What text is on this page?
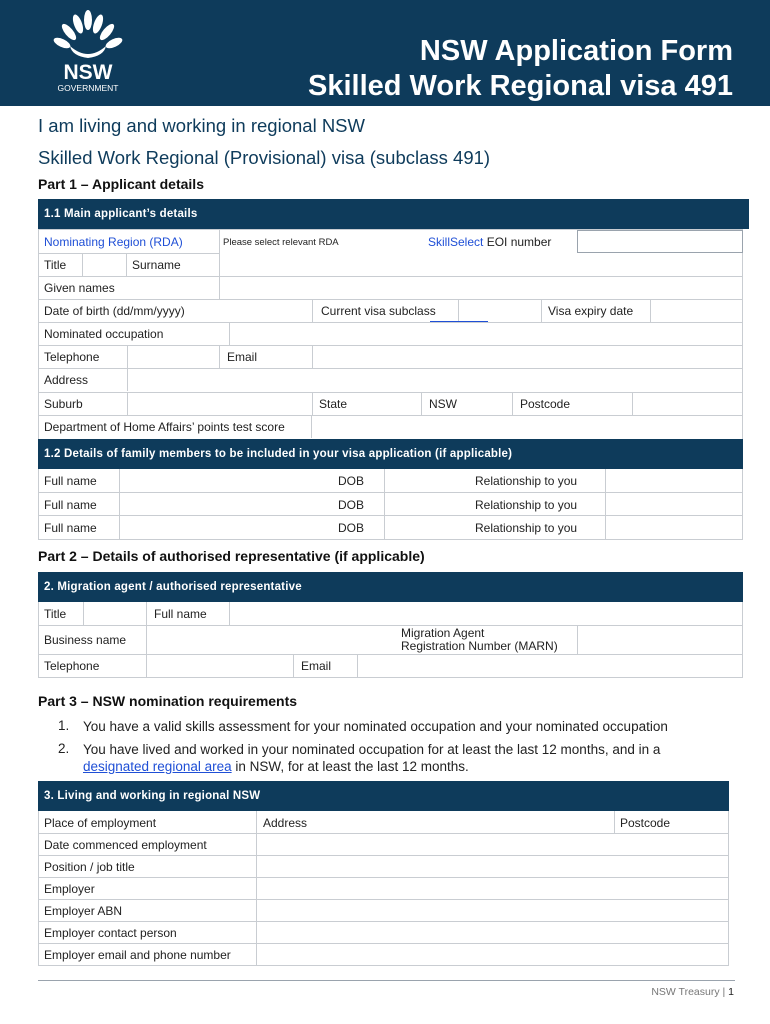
NSW
GOVERNMENT
NSW Application Form
Skilled Work Regional visa 491
I am living and working in regional NSW
Skilled Work Regional (Provisional) visa (subclass 491)
Part 1 – Applicant details
1.1 Main applicant’s details
Nominating Region (RDA)	Please select relevant RDA	SkillSelect EOI number
Title	Surname
Given names
Date of birth (dd/mm/yyyy)	Current visa subclass	Visa expiry date
Nominated occupation
Telephone	Email
Address
Suburb	State	NSW	Postcode
Department of Home Affairs’ points test score
1.2 Details of family members to be included in your visa application (if applicable)
Full name	DOB	Relationship to you
Full name	DOB	Relationship to you
Full name	DOB	Relationship to you
Part 2 – Details of authorised representative (if applicable)
2. Migration agent / authorised representative
Title	Full name
Business name	Migration Agent
Registration Number (MARN)
Telephone	Email
Part 3 – NSW nomination requirements
1. You have a valid skills assessment for your nominated occupation and your nominated occupation
2. You have lived and worked in your nominated occupation for at least the last 12 months, and in a
designated regional area in NSW, for at least the last 12 months.
3. Living and working in regional NSW
Place of employment	Address	Postcode
Date commenced employment
Position / job title
Employer
Employer ABN
Employer contact person
Employer email and phone number
NSW Treasury | 1
